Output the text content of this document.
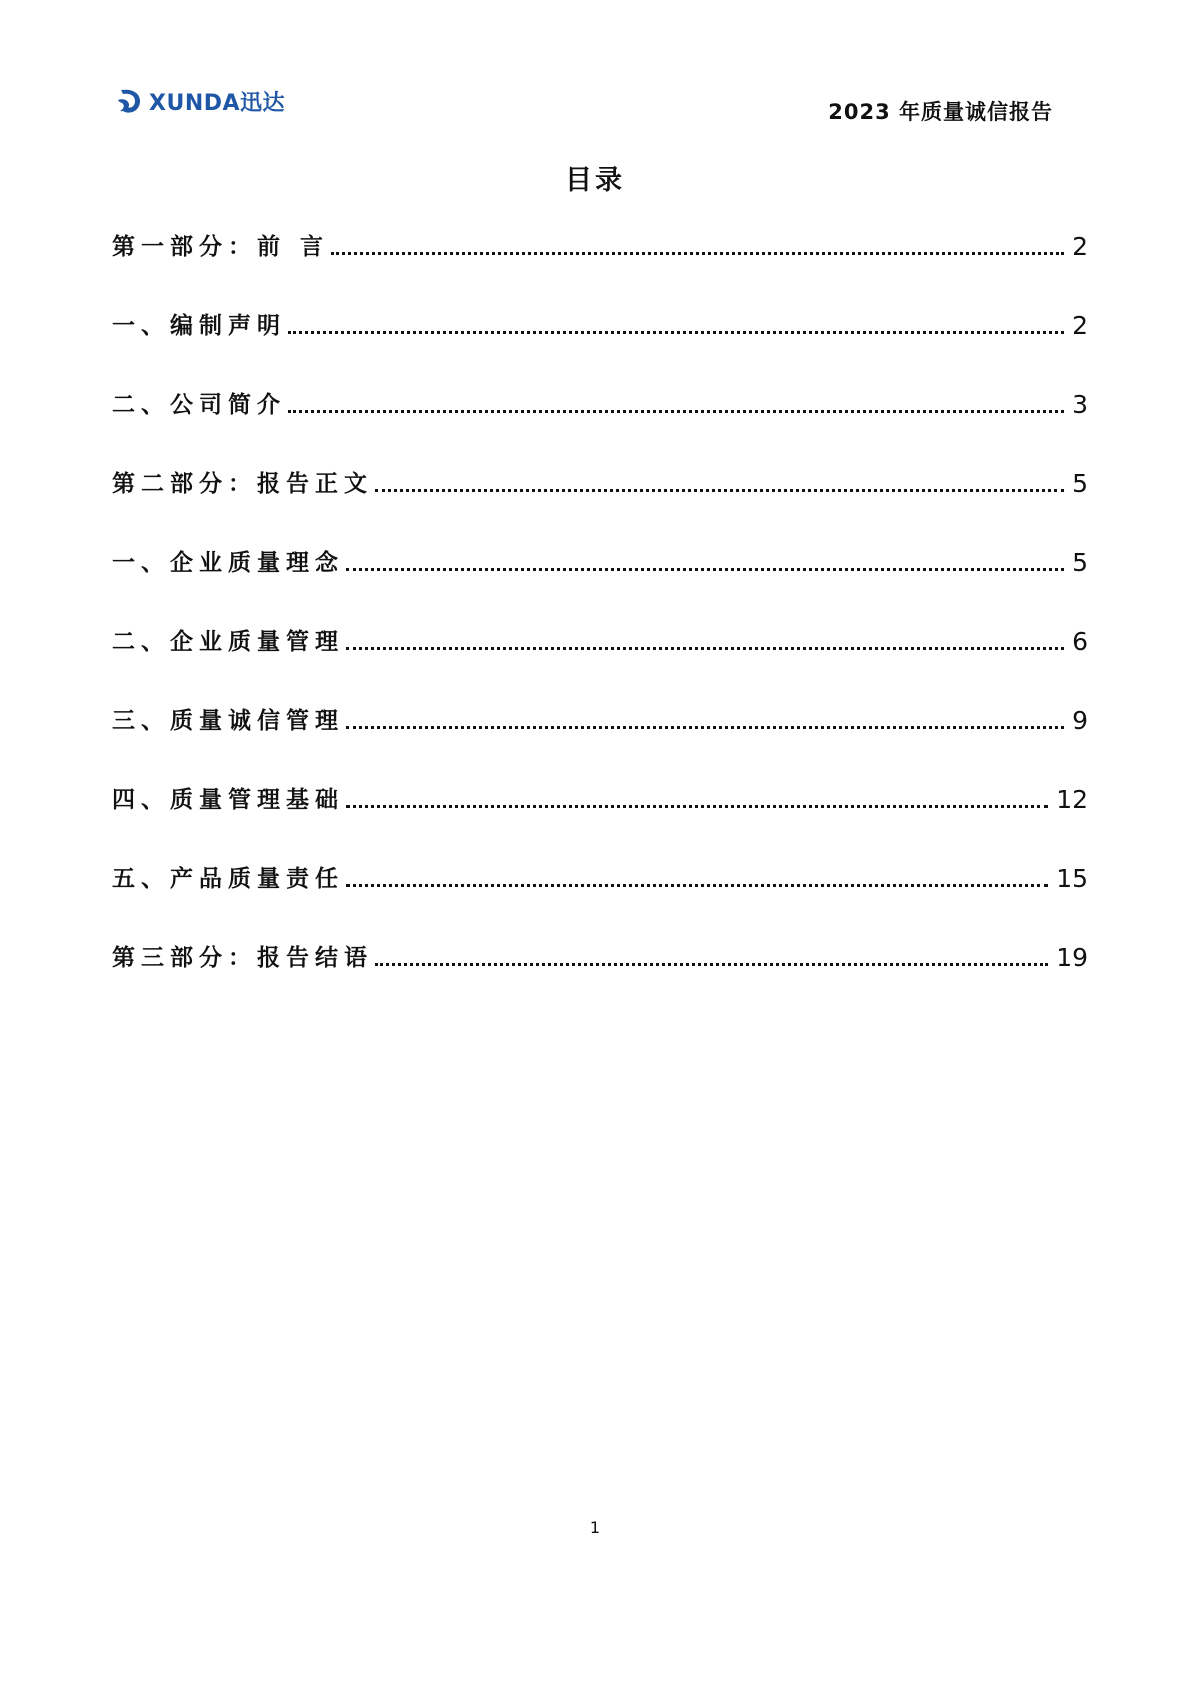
XUNDA迅达	2023 年质量诚信报告
目录
第一部分：前 言	2
一、编制声明	2
二、公司简介	3
第二部分：报告正文	5
一、企业质量理念	5
二、企业质量管理	6
三、质量诚信管理	9
四、质量管理基础	12
五、产品质量责任	15
第三部分：报告结语	19
1
